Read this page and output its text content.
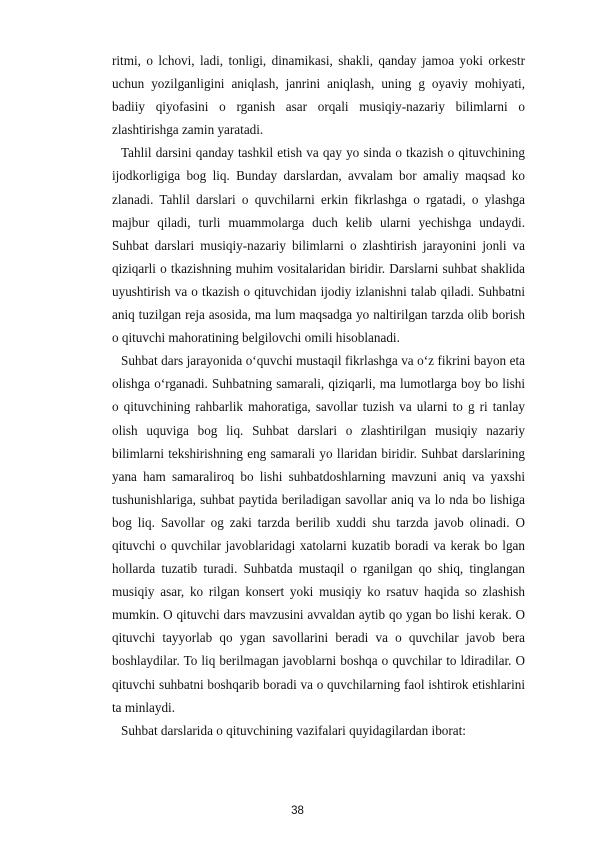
ritmi, o lchovi, ladi, tonligi, dinamikasi, shakli, qanday jamoa yoki orkestr uchun yozilganligini aniqlash, janrini aniqlash, uning g oyaviy mohiyati, badiiy qiyofasini o rganish asar orqali musiqiy-nazariy bilimlarni o zlashtirishga zamin yaratadi.

Tahlil darsini qanday tashkil etish va qay yo sinda o tkazish o qituvchining ijodkorligiga bog liq. Bunday darslardan, avvalam bor amaliy maqsad ko zlanadi. Tahlil darslari o quvchilarni erkin fikrlashga o rgatadi, o ylashga majbur qiladi, turli muammolarga duch kelib ularni yechishga undaydi. Suhbat darslari musiqiy-nazariy bilimlarni o zlashtirish jarayonini jonli va qiziqarli o tkazishning muhim vositalaridan biridir. Darslarni suhbat shaklida uyushtirish va o tkazish o qituvchidan ijodiy izlanishni talab qiladi. Suhbatni aniq tuzilgan reja asosida, ma lum maqsadga yo naltirilgan tarzda olib borish o qituvchi mahoratining belgilovchi omili hisoblanadi.

Suhbat dars jarayonida o‘quvchi mustaqil fikrlashga va o‘z fikrini bayon eta olishga o‘rganadi. Suhbatning samarali, qiziqarli, ma lumotlarga boy bo lishi o qituvchining rahbarlik mahoratiga, savollar tuzish va ularni to g ri tanlay olish uquviga bog liq. Suhbat darslari o zlashtirilgan musiqiy nazariy bilimlarni tekshirishning eng samarali yo llaridan biridir. Suhbat darslarining yana ham samaraliroq bo lishi suhbatdoshlarning mavzuni aniq va yaxshi tushunishlariga, suhbat paytida beriladigan savollar aniq va lo nda bo lishiga bog liq. Savollar og zaki tarzda berilib xuddi shu tarzda javob olinadi. O qituvchi o quvchilar javoblaridagi xatolarni kuzatib boradi va kerak bo lgan hollarda tuzatib turadi. Suhbatda mustaqil o rganilgan qo shiq, tinglangan musiqiy asar, ko rilgan konsert yoki musiqiy ko rsatuv haqida so zlashish mumkin. O qituvchi dars mavzusini avvaldan aytib qo ygan bo lishi kerak. O qituvchi tayyorlab qo ygan savollarini beradi va o quvchilar javob bera boshlaydilar. To liq berilmagan javoblarni boshqa o quvchilar to ldiradilar. O qituvchi suhbatni boshqarib boradi va o quvchilarning faol ishtirok etishlarini ta minlaydi.

Suhbat darslarida o qituvchining vazifalari quyidagilardan iborat:

38
